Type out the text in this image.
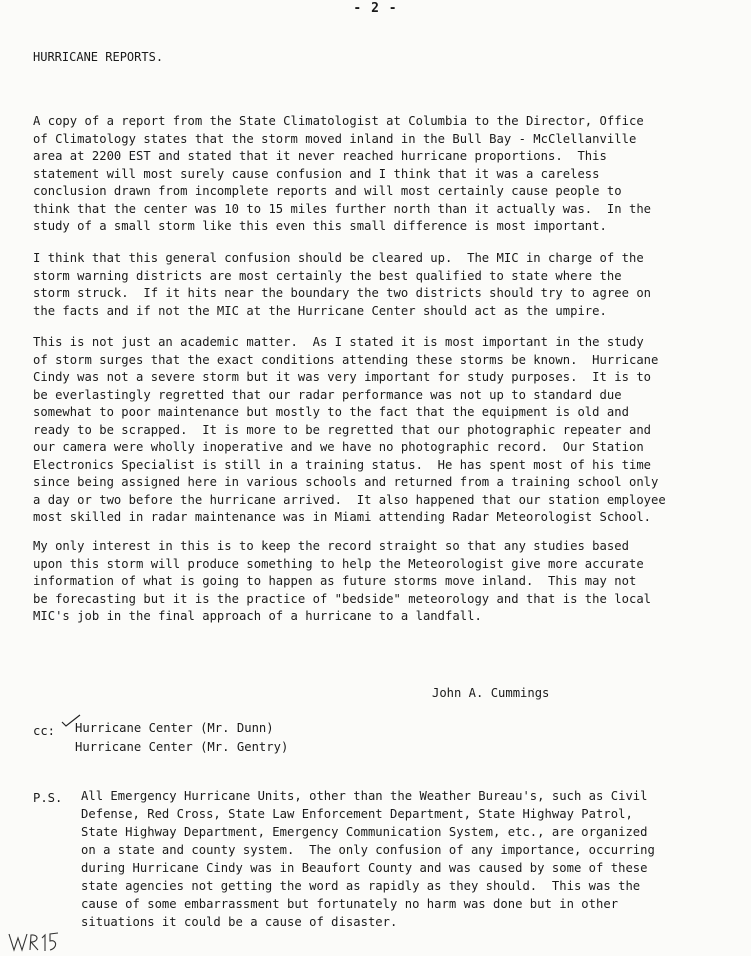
- 2 -
HURRICANE REPORTS.
A copy of a report from the State Climatologist at Columbia to the Director, Office
of Climatology states that the storm moved inland in the Bull Bay - McClellanville
area at 2200 EST and stated that it never reached hurricane proportions.  This
statement will most surely cause confusion and I think that it was a careless
conclusion drawn from incomplete reports and will most certainly cause people to
think that the center was 10 to 15 miles further north than it actually was.  In the
study of a small storm like this even this small difference is most important.
I think that this general confusion should be cleared up.  The MIC in charge of the
storm warning districts are most certainly the best qualified to state where the
storm struck.  If it hits near the boundary the two districts should try to agree on
the facts and if not the MIC at the Hurricane Center should act as the umpire.
This is not just an academic matter.  As I stated it is most important in the study
of storm surges that the exact conditions attending these storms be known.  Hurricane
Cindy was not a severe storm but it was very important for study purposes.  It is to
be everlastingly regretted that our radar performance was not up to standard due
somewhat to poor maintenance but mostly to the fact that the equipment is old and
ready to be scrapped.  It is more to be regretted that our photographic repeater and
our camera were wholly inoperative and we have no photographic record.  Our Station
Electronics Specialist is still in a training status.  He has spent most of his time
since being assigned here in various schools and returned from a training school only
a day or two before the hurricane arrived.  It also happened that our station employee
most skilled in radar maintenance was in Miami attending Radar Meteorologist School.
My only interest in this is to keep the record straight so that any studies based
upon this storm will produce something to help the Meteorologist give more accurate
information of what is going to happen as future storms move inland.  This may not
be forecasting but it is the practice of "bedside" meteorology and that is the local
MIC's job in the final approach of a hurricane to a landfall.
John A. Cummings
cc: Hurricane Center (Mr. Dunn)
Hurricane Center (Mr. Gentry)
P.S. All Emergency Hurricane Units, other than the Weather Bureau's, such as Civil
Defense, Red Cross, State Law Enforcement Department, State Highway Patrol,
State Highway Department, Emergency Communication System, etc., are organized
on a state and county system.  The only confusion of any importance, occurring
during Hurricane Cindy was in Beaufort County and was caused by some of these
state agencies not getting the word as rapidly as they should.  This was the
cause of some embarrassment but fortunately no harm was done but in other
situations it could be a cause of disaster.
